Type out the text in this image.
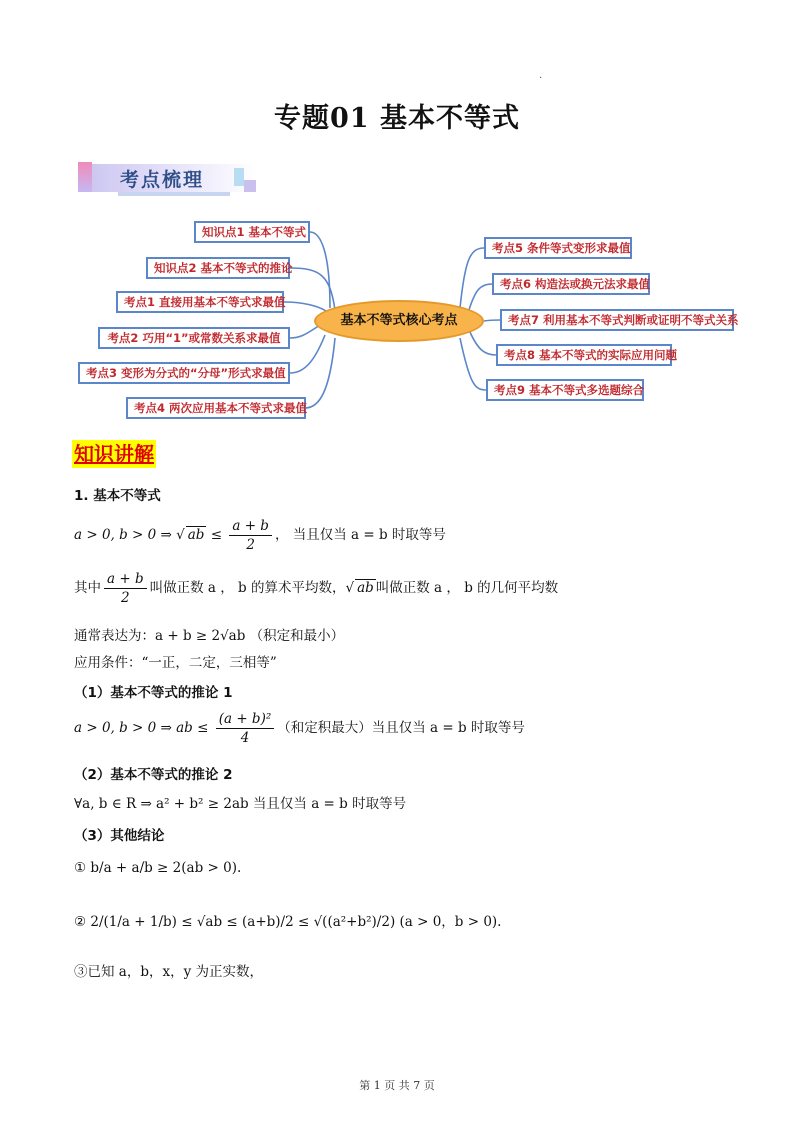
.
专题01 基本不等式
考点梳理
知识点1 基本不等式
知识点2 基本不等式的推论
考点1 直接用基本不等式求最值
考点2 巧用“1”或常数关系求最值
考点3 变形为分式的“分母”形式求最值
考点4 两次应用基本不等式求最值
基本不等式核心考点
考点5 条件等式变形求最值
考点6 构造法或换元法求最值
考点7 利用基本不等式判断或证明不等式关系
考点8 基本不等式的实际应用问题
考点9 基本不等式多选题综合
知识讲解
1. 基本不等式
a > 0, b > 0 ⇒ √ ab ≤ $\frac{a + b}{2}$ ， 当且仅当 a = b 时取等号
其中 $\frac{a + b}{2}$ 叫做正数 a ， b 的算术平均数，√ ab 叫做正数 a ， b 的几何平均数
通常表达为：a + b ≥ 2√ab （积定和最小）
应用条件：“一正，二定，三相等”
（1）基本不等式的推论 1
a > 0, b > 0 ⇒ ab ≤ $\frac{\text{(a + b)²}}{4}$ （和定积最大）当且仅当 a = b 时取等号
（2）基本不等式的推论 2
∀a, b ∈ R ⇒ a² + b² ≥ 2ab 当且仅当 a = b 时取等号
（3）其他结论
① b/a + a/b ≥ 2(ab > 0).
② 2/(1/a + 1/b) ≤ √ab ≤ (a+b)/2 ≤ √((a²+b²)/2) (a > 0，b > 0).
③已知 a，b，x，y 为正实数，
第 1 页 共 7 页
